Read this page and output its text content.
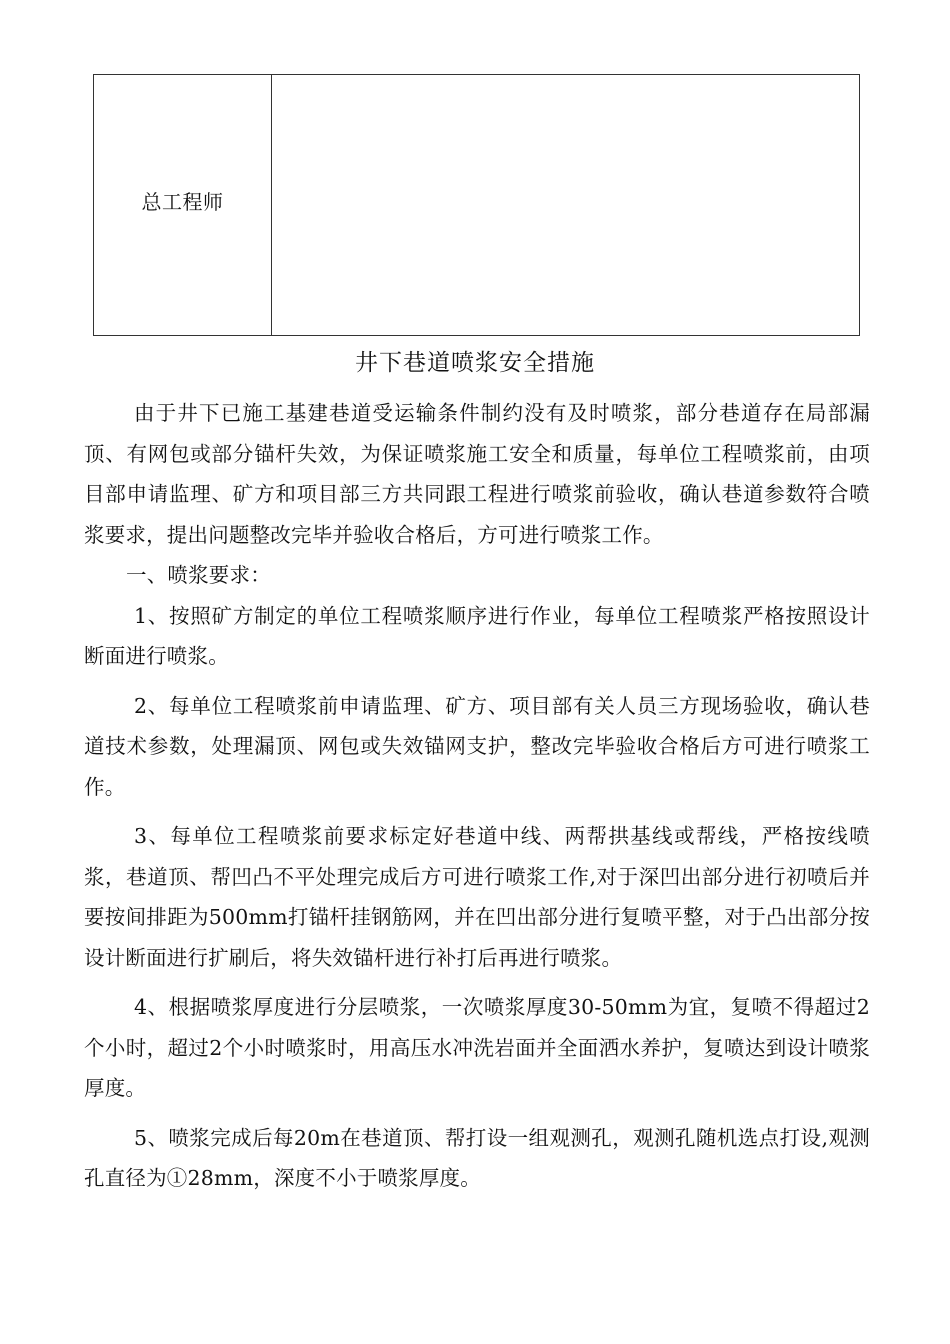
总工程师
井下巷道喷浆安全措施

由于井下已施工基建巷道受运输条件制约没有及时喷浆，部分巷道存在局部漏顶、有网包或部分锚杆失效，为保证喷浆施工安全和质量，每单位工程喷浆前，由项目部申请监理、矿方和项目部三方共同跟工程进行喷浆前验收，确认巷道参数符合喷浆要求，提出问题整改完毕并验收合格后，方可进行喷浆工作。

一、喷浆要求：

1、按照矿方制定的单位工程喷浆顺序进行作业，每单位工程喷浆严格按照设计断面进行喷浆。

2、每单位工程喷浆前申请监理、矿方、项目部有关人员三方现场验收，确认巷道技术参数，处理漏顶、网包或失效锚网支护，整改完毕验收合格后方可进行喷浆工作。

3、每单位工程喷浆前要求标定好巷道中线、两帮拱基线或帮线，严格按线喷浆，巷道顶、帮凹凸不平处理完成后方可进行喷浆工作,对于深凹出部分进行初喷后并要按间排距为500mm打锚杆挂钢筋网，并在凹出部分进行复喷平整，对于凸出部分按设计断面进行扩刷后，将失效锚杆进行补打后再进行喷浆。

4、根据喷浆厚度进行分层喷浆，一次喷浆厚度30-50mm为宜，复喷不得超过2个小时，超过2个小时喷浆时，用高压水冲洗岩面并全面洒水养护，复喷达到设计喷浆厚度。

5、喷浆完成后每20m在巷道顶、帮打设一组观测孔，观测孔随机选点打设,观测孔直径为①28mm，深度不小于喷浆厚度。
